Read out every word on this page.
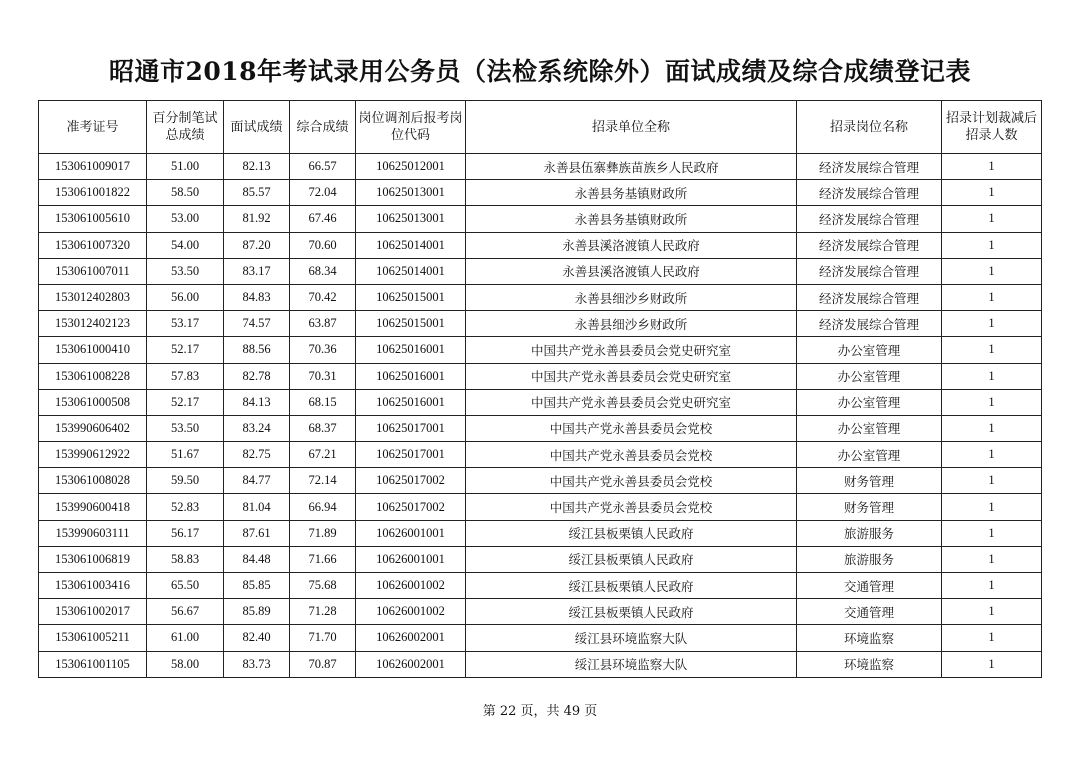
昭通市2018年考试录用公务员（法检系统除外）面试成绩及综合成绩登记表
准考证号	百分制笔试总成绩	面试成绩	综合成绩	岗位调剂后报考岗位代码	招录单位全称	招录岗位名称	招录计划裁减后招录人数
153061009017	51.00	82.13	66.57	10625012001	永善县伍寨彝族苗族乡人民政府	经济发展综合管理	1
153061001822	58.50	85.57	72.04	10625013001	永善县务基镇财政所	经济发展综合管理	1
153061005610	53.00	81.92	67.46	10625013001	永善县务基镇财政所	经济发展综合管理	1
153061007320	54.00	87.20	70.60	10625014001	永善县溪洛渡镇人民政府	经济发展综合管理	1
153061007011	53.50	83.17	68.34	10625014001	永善县溪洛渡镇人民政府	经济发展综合管理	1
153012402803	56.00	84.83	70.42	10625015001	永善县细沙乡财政所	经济发展综合管理	1
153012402123	53.17	74.57	63.87	10625015001	永善县细沙乡财政所	经济发展综合管理	1
153061000410	52.17	88.56	70.36	10625016001	中国共产党永善县委员会党史研究室	办公室管理	1
153061008228	57.83	82.78	70.31	10625016001	中国共产党永善县委员会党史研究室	办公室管理	1
153061000508	52.17	84.13	68.15	10625016001	中国共产党永善县委员会党史研究室	办公室管理	1
153990606402	53.50	83.24	68.37	10625017001	中国共产党永善县委员会党校	办公室管理	1
153990612922	51.67	82.75	67.21	10625017001	中国共产党永善县委员会党校	办公室管理	1
153061008028	59.50	84.77	72.14	10625017002	中国共产党永善县委员会党校	财务管理	1
153990600418	52.83	81.04	66.94	10625017002	中国共产党永善县委员会党校	财务管理	1
153990603111	56.17	87.61	71.89	10626001001	绥江县板栗镇人民政府	旅游服务	1
153061006819	58.83	84.48	71.66	10626001001	绥江县板栗镇人民政府	旅游服务	1
153061003416	65.50	85.85	75.68	10626001002	绥江县板栗镇人民政府	交通管理	1
153061002017	56.67	85.89	71.28	10626001002	绥江县板栗镇人民政府	交通管理	1
153061005211	61.00	82.40	71.70	10626002001	绥江县环境监察大队	环境监察	1
153061001105	58.00	83.73	70.87	10626002001	绥江县环境监察大队	环境监察	1
第 22 页，共 49 页
